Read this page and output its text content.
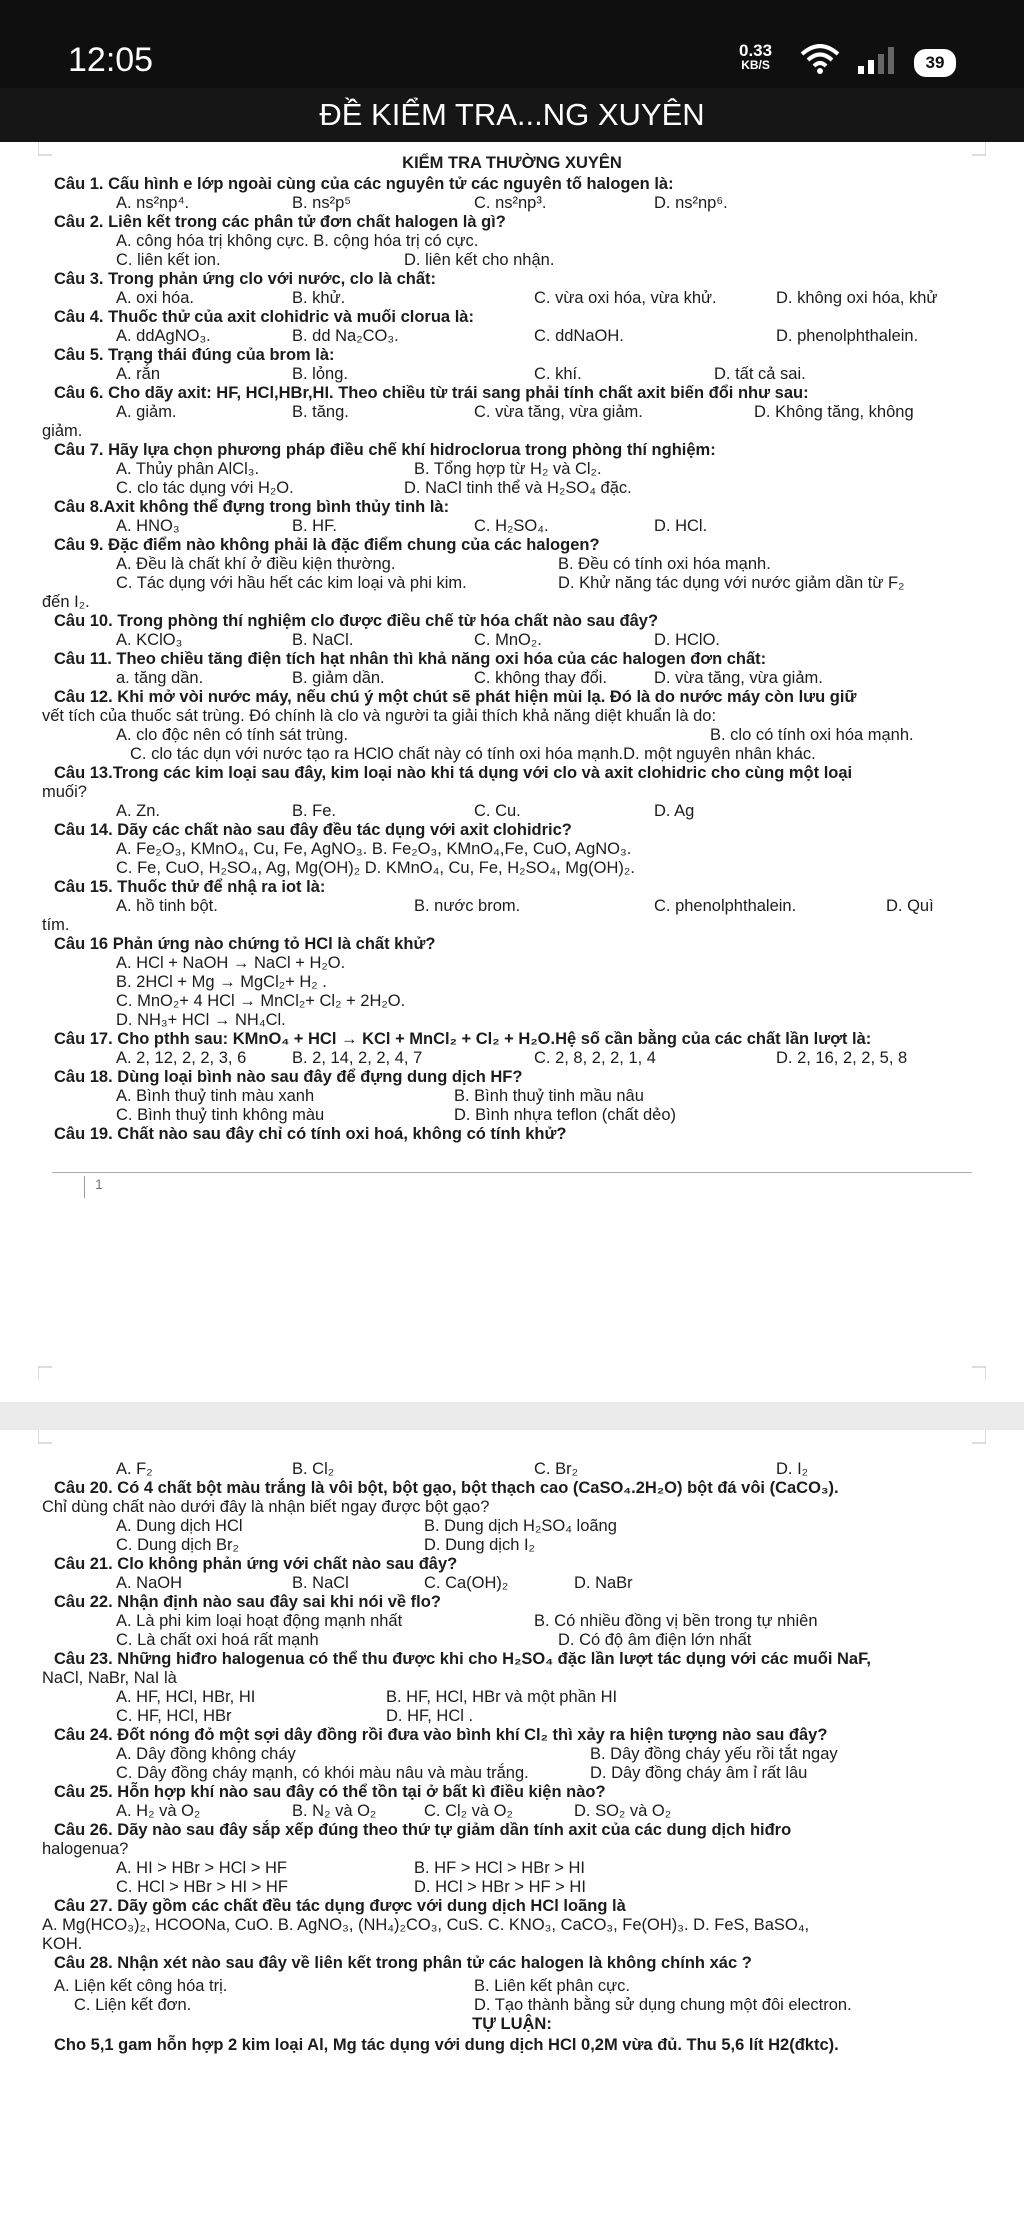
12:05	0.33
KB/S	39
ĐỀ KIỂM TRA...NG XUYÊN
KIỂM TRA THƯỜNG XUYÊN
Câu 1. Cấu hình e lớp ngoài cùng của các nguyên tử các nguyên tố halogen là:
A. ns²np⁴.	B. ns²p⁵	C. ns²np³.	D. ns²np⁶.
Câu 2. Liên kết trong các phân tử đơn chất halogen là gì?
A. công hóa trị không cực. B. cộng hóa trị có cực.
C. liên kết ion.	D. liên kết cho nhận.
Câu 3. Trong phản ứng clo với nước, clo là chất:
A. oxi hóa.	B. khử.	C. vừa oxi hóa, vừa khử.	D. không oxi hóa, khử
Câu 4. Thuốc thử của axit clohidric và muối clorua là:
A. ddAgNO₃.	B. dd Na₂CO₃.	C. ddNaOH.	D. phenolphthalein.
Câu 5. Trạng thái đúng của brom là:
A. rắn	B. lỏng.	C. khí.	D. tất cả sai.
Câu 6. Cho dãy axit: HF, HCl,HBr,HI. Theo chiều từ trái sang phải tính chất axit biến đổi như sau:
A. giảm.	B. tăng.	C. vừa tăng, vừa giảm.	D. Không tăng, không
giảm.
Câu 7. Hãy lựa chọn phương pháp điều chế khí hidroclorua trong phòng thí nghiệm:
A. Thủy phân AlCl₃.	B. Tổng hợp từ H₂ và Cl₂.
C. clo tác dụng với H₂O.	D. NaCl tinh thể và H₂SO₄ đặc.
Câu 8.Axit không thể đựng trong bình thủy tinh là:
A. HNO₃	B. HF.	C. H₂SO₄.	D. HCl.
Câu 9. Đặc điểm nào không phải là đặc điểm chung của các halogen?
A. Đều là chất khí ở điều kiện thường.	B. Đều có tính oxi hóa mạnh.
C. Tác dụng với hầu hết các kim loại và phi kim.	D. Khử năng tác dụng với nước giảm dần từ F₂
đến I₂.
Câu 10. Trong phòng thí nghiệm clo được điều chế từ hóa chất nào sau đây?
A. KClO₃	B. NaCl.	C. MnO₂.	D. HClO.
Câu 11. Theo chiều tăng điện tích hạt nhân thì khả năng oxi hóa của các halogen đơn chất:
a. tăng dần.	B. giảm dần.	C. không thay đổi.	D. vừa tăng, vừa giảm.
Câu 12. Khi mở vòi nước máy, nếu chú ý một chút sẽ phát hiện mùi lạ. Đó là do nước máy còn lưu giữ
vết tích của thuốc sát trùng. Đó chính là clo và người ta giải thích khả năng diệt khuẩn là do:
A. clo độc nên có tính sát trùng.	B. clo có tính oxi hóa mạnh.
C. clo tác dụn với nước tạo ra HClO chất này có tính oxi hóa mạnh.D. một nguyên nhân khác.
Câu 13.Trong các kim loại sau đây, kim loại nào khi tá dụng với clo và axit clohidric cho cùng một loại
muối?
A. Zn.	B. Fe.	C. Cu.	D. Ag
Câu 14. Dãy các chất nào sau đây đều tác dụng với axit clohidric?
A. Fe₂O₃, KMnO₄, Cu, Fe, AgNO₃. B. Fe₂O₃, KMnO₄,Fe, CuO, AgNO₃.
C. Fe, CuO, H₂SO₄, Ag, Mg(OH)₂ D. KMnO₄, Cu, Fe, H₂SO₄, Mg(OH)₂.
Câu 15. Thuốc thử để nhậ ra iot là:
A. hồ tinh bột.	B. nước brom.	C. phenolphthalein.	D. Quì
tím.
Câu 16 Phản ứng nào chứng tỏ HCl là chất khử?
A. HCl + NaOH → NaCl + H₂O.
B. 2HCl + Mg → MgCl₂+ H₂ .
C. MnO₂+ 4 HCl → MnCl₂+ Cl₂ + 2H₂O.
D. NH₃+ HCl → NH₄Cl.
Câu 17. Cho pthh sau: KMnO₄ + HCl → KCl + MnCl₂ + Cl₂ + H₂O.Hệ số cần bằng của các chất lần lượt là:
A. 2, 12, 2, 2, 3, 6	B. 2, 14, 2, 2, 4, 7	C. 2, 8, 2, 2, 1, 4	D. 2, 16, 2, 2, 5, 8
Câu 18. Dùng loại bình nào sau đây để đựng dung dịch HF?
A. Bình thuỷ tinh màu xanh	B. Bình thuỷ tinh mầu nâu
C. Bình thuỷ tinh không màu	D. Bình nhựa teflon (chất dẻo)
Câu 19. Chất nào sau đây chỉ có tính oxi hoá, không có tính khử?
1
A. F₂	B. Cl₂	C. Br₂	D. I₂
Câu 20. Có 4 chất bột màu trắng là vôi bột, bột gạo, bột thạch cao (CaSO₄.2H₂O) bột đá vôi (CaCO₃).
Chỉ dùng chất nào dưới đây là nhận biết ngay được bột gạo?
A. Dung dịch HCl	B. Dung dịch H₂SO₄ loãng
C. Dung dịch Br₂	D. Dung dịch I₂
Câu 21. Clo không phản ứng với chất nào sau đây?
A. NaOH	B. NaCl	C. Ca(OH)₂	D. NaBr
Câu 22. Nhận định nào sau đây sai khi nói về flo?
A. Là phi kim loại hoạt động mạnh nhất	B. Có nhiều đồng vị bền trong tự nhiên
C. Là chất oxi hoá rất mạnh	D. Có độ âm điện lớn nhất
Câu 23. Những hiđro halogenua có thể thu được khi cho H₂SO₄ đặc lần lượt tác dụng với các muối NaF,
NaCl, NaBr, NaI là
A. HF, HCl, HBr, HI	B. HF, HCl, HBr và một phần HI
C. HF, HCl, HBr	D. HF, HCl .
Câu 24. Đốt nóng đỏ một sợi dây đồng rồi đưa vào bình khí Cl₂ thì xảy ra hiện tượng nào sau đây?
A. Dây đồng không cháy	B. Dây đồng cháy yếu rồi tắt ngay
C. Dây đồng cháy mạnh, có khói màu nâu và màu trắng.	D. Dây đồng cháy âm ỉ rất lâu
Câu 25. Hỗn hợp khí nào sau đây có thể tồn tại ở bất kì điều kiện nào?
A. H₂ và O₂	B. N₂ và O₂	C. Cl₂ và O₂	D. SO₂ và O₂
Câu 26. Dãy nào sau đây sắp xếp đúng theo thứ tự giảm dần tính axit của các dung dịch hiđro
halogenua?
A. HI > HBr > HCl > HF	B. HF > HCl > HBr > HI
C. HCl > HBr > HI > HF	D. HCl > HBr > HF > HI
Câu 27. Dãy gồm các chất đều tác dụng được với dung dịch HCl loãng là
A. Mg(HCO₃)₂, HCOONa, CuO. B. AgNO₃, (NH₄)₂CO₃, CuS. C. KNO₃, CaCO₃, Fe(OH)₃. D. FeS, BaSO₄,
KOH.
Câu 28. Nhận xét nào sau đây về liên kết trong phân tử các halogen là không chính xác ?
A. Liện kết công hóa trị.	B. Liên kết phân cực.
C. Liện kết đơn.	D. Tạo thành bằng sử dụng chung một đôi electron.
TỰ LUẬN:
Cho 5,1 gam hỗn hợp 2 kim loại Al, Mg tác dụng với dung dịch HCl 0,2M vừa đủ. Thu 5,6 lít H2(đktc).
